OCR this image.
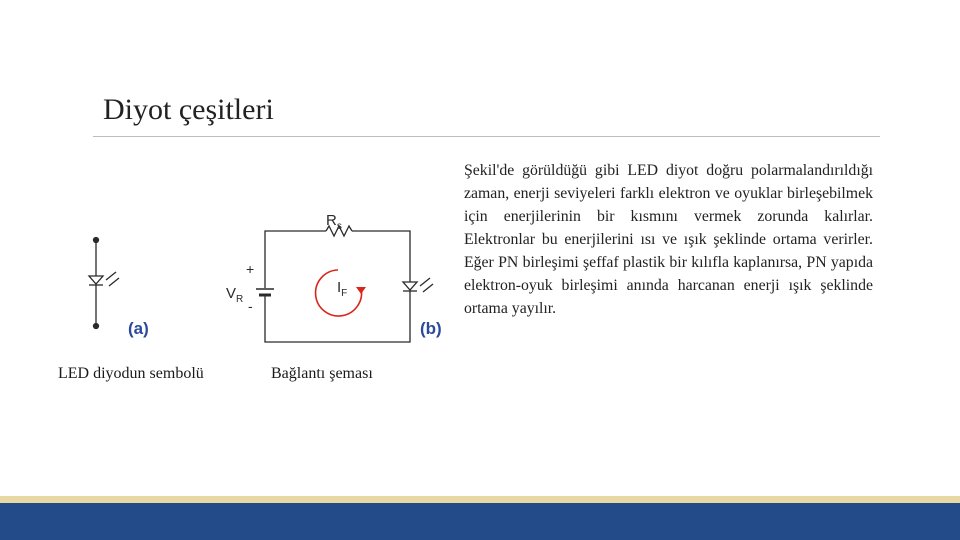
Diyot çeşitleri
(a)
$R_s$
+
$V_R$ -
$I_F$
(b)
LED diyodun sembolü	Bağlantı şeması

Şekil'de görüldüğü gibi LED diyot doğru polarmalandırıldığı zaman, enerji seviyeleri farklı elektron ve oyuklar birleşebilmek için enerjilerinin bir kısmını vermek zorunda kalırlar. Elektronlar bu enerjilerini ısı ve ışık şeklinde ortama verirler. Eğer PN birleşimi şeffaf plastik bir kılıfla kaplanırsa, PN yapıda elektron-oyuk birleşimi anında harcanan enerji ışık şeklinde ortama yayılır.
